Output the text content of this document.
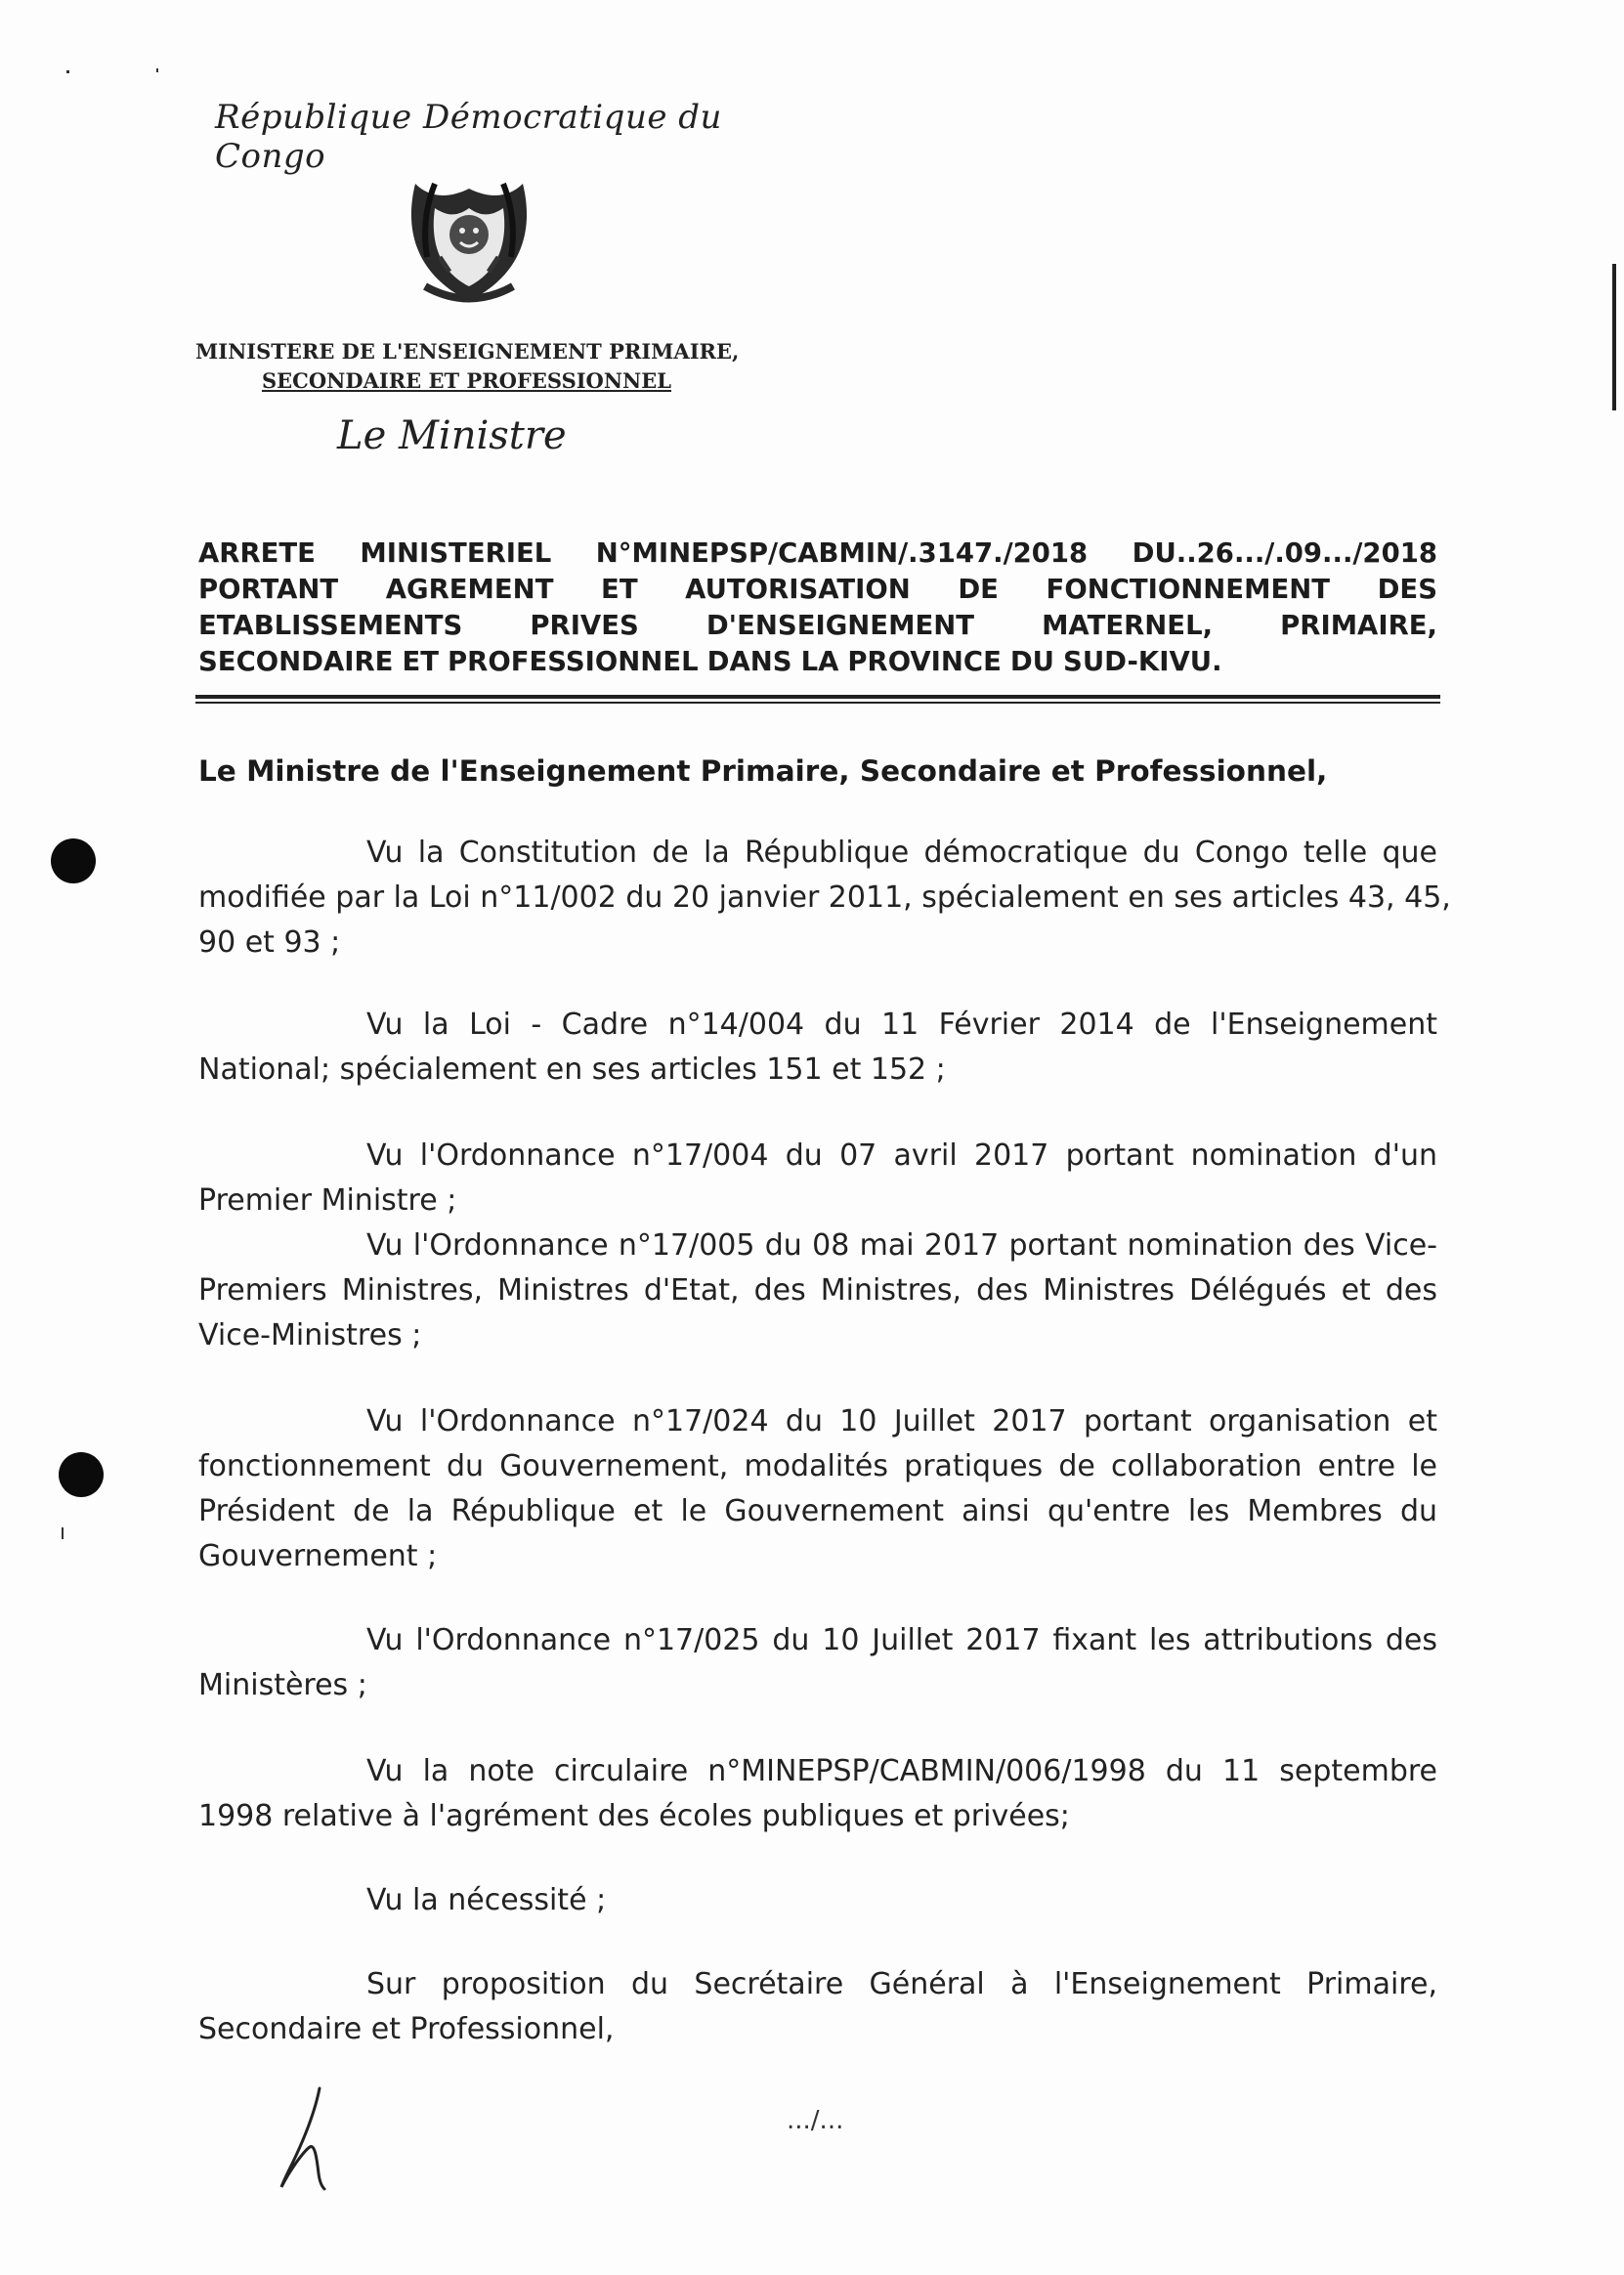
République Démocratique du Congo
MINISTERE DE L'ENSEIGNEMENT PRIMAIRE,
SECONDAIRE ET PROFESSIONNEL
Le Ministre
ARRETE MINISTERIEL N°MINEPSP/CABMIN/.3147./2018 DU..26.../.09.../2018
PORTANT AGREMENT ET AUTORISATION DE FONCTIONNEMENT DES
ETABLISSEMENTS	PRIVES	D'ENSEIGNEMENT	MATERNEL,	PRIMAIRE,
SECONDAIRE ET PROFESSIONNEL DANS LA PROVINCE DU SUD-KIVU.
Le Ministre de l'Enseignement Primaire, Secondaire et Professionnel,
Vu la Constitution de la République démocratique du Congo telle que
modifiée par la Loi n°11/002 du 20 janvier 2011, spécialement en ses articles 43, 45,
90 et 93 ;
Vu la Loi - Cadre n°14/004 du 11 Février 2014 de l'Enseignement
National; spécialement en ses articles 151 et 152 ;
Vu l'Ordonnance n°17/004 du 07 avril 2017 portant nomination d'un
Premier Ministre ;
Vu l'Ordonnance n°17/005 du 08 mai 2017 portant nomination des Vice-
Premiers Ministres, Ministres d'Etat, des Ministres, des Ministres Délégués et des
Vice-Ministres ;
Vu l'Ordonnance n°17/024 du 10 Juillet 2017 portant organisation et
fonctionnement du Gouvernement, modalités pratiques de collaboration entre le
Président de la République et le Gouvernement ainsi qu'entre les Membres du
Gouvernement ;
Vu l'Ordonnance n°17/025 du 10 Juillet 2017 fixant les attributions des
Ministères ;
Vu la note circulaire n°MINEPSP/CABMIN/006/1998 du 11 septembre
1998 relative à l'agrément des écoles publiques et privées;
Vu la nécessité ;
Sur proposition du Secrétaire Général à l'Enseignement Primaire,
Secondaire et Professionnel,
.../...
